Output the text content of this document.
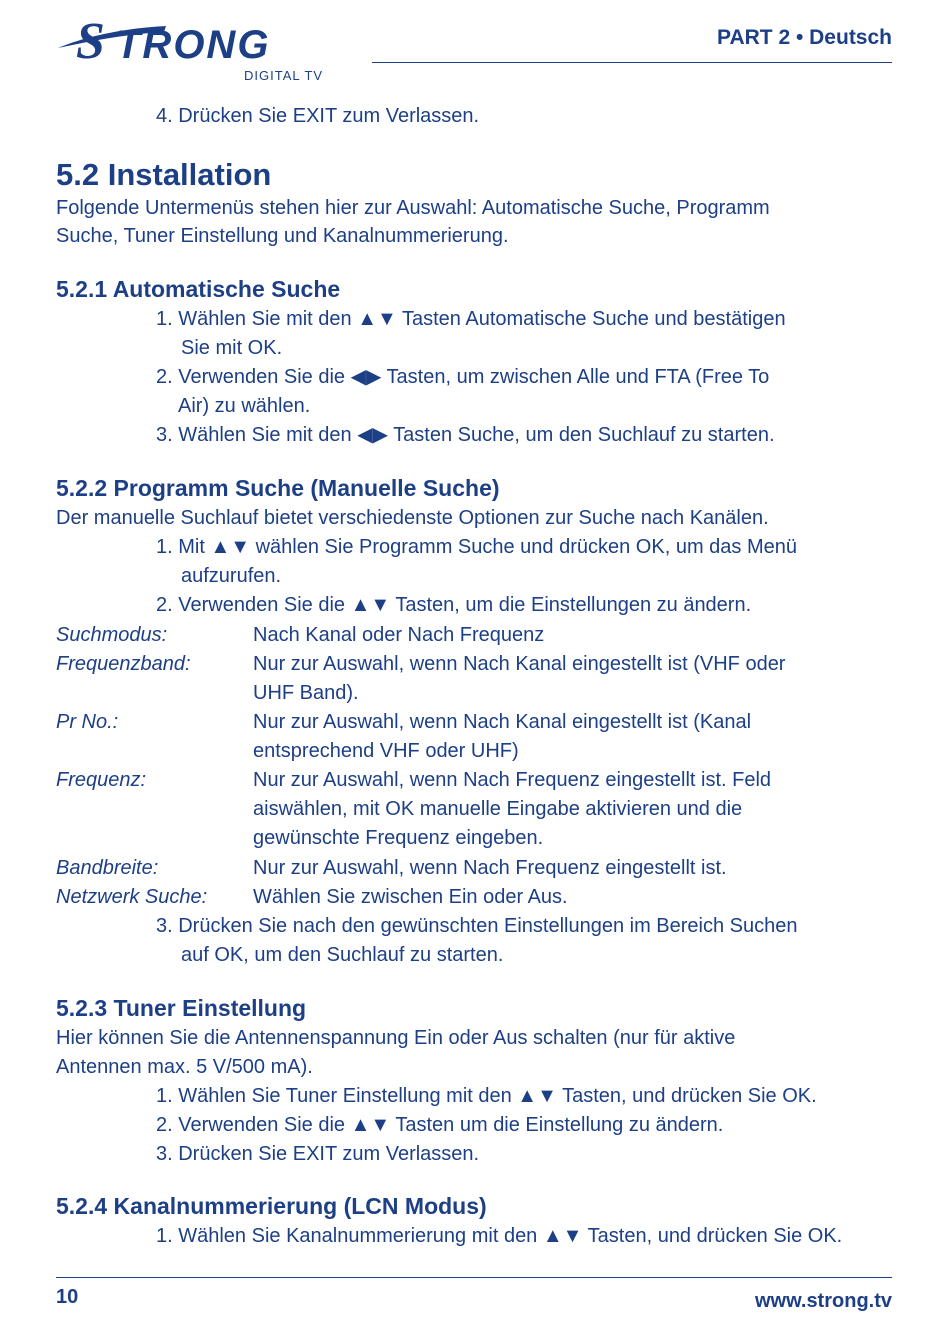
S TRONG
DIGITAL TV
PART 2 • Deutsch
4. Drücken Sie EXIT zum Verlassen.
5.2 Installation
Folgende Untermenüs stehen hier zur Auswahl: Automatische Suche, Programm
Suche, Tuner Einstellung und Kanalnummerierung.
5.2.1 Automatische Suche
1. Wählen Sie mit den ▲▼ Tasten Automatische Suche und bestätigen
Sie mit OK.
2. Verwenden Sie die ◀▶ Tasten, um zwischen Alle und FTA (Free To
Air) zu wählen.
3. Wählen Sie mit den ◀▶ Tasten Suche, um den Suchlauf zu starten.
5.2.2 Programm Suche (Manuelle Suche)
Der manuelle Suchlauf bietet verschiedenste Optionen zur Suche nach Kanälen.
1. Mit ▲▼ wählen Sie Programm Suche und drücken OK, um das Menü
aufzurufen.
2. Verwenden Sie die ▲▼ Tasten, um die Einstellungen zu ändern.
Suchmodus:	Nach Kanal oder Nach Frequenz
Frequenzband:	Nur zur Auswahl, wenn Nach Kanal eingestellt ist (VHF oder
UHF Band).
Pr No.:	Nur zur Auswahl, wenn Nach Kanal eingestellt ist (Kanal
entsprechend VHF oder UHF)
Frequenz:	Nur zur Auswahl, wenn Nach Frequenz eingestellt ist. Feld
aiswählen, mit OK manuelle Eingabe aktivieren und die
gewünschte Frequenz eingeben.
Bandbreite:	Nur zur Auswahl, wenn Nach Frequenz eingestellt ist.
Netzwerk Suche: Wählen Sie zwischen Ein oder Aus.
3. Drücken Sie nach den gewünschten Einstellungen im Bereich Suchen
auf OK, um den Suchlauf zu starten.
5.2.3 Tuner Einstellung
Hier können Sie die Antennenspannung Ein oder Aus schalten (nur für aktive
Antennen max. 5 V/500 mA).
1. Wählen Sie Tuner Einstellung mit den ▲▼ Tasten, und drücken Sie OK.
2. Verwenden Sie die ▲▼ Tasten um die Einstellung zu ändern.
3. Drücken Sie EXIT zum Verlassen.
5.2.4 Kanalnummerierung (LCN Modus)
1. Wählen Sie Kanalnummerierung mit den ▲▼ Tasten, und drücken Sie OK.
10	www.strong.tv
